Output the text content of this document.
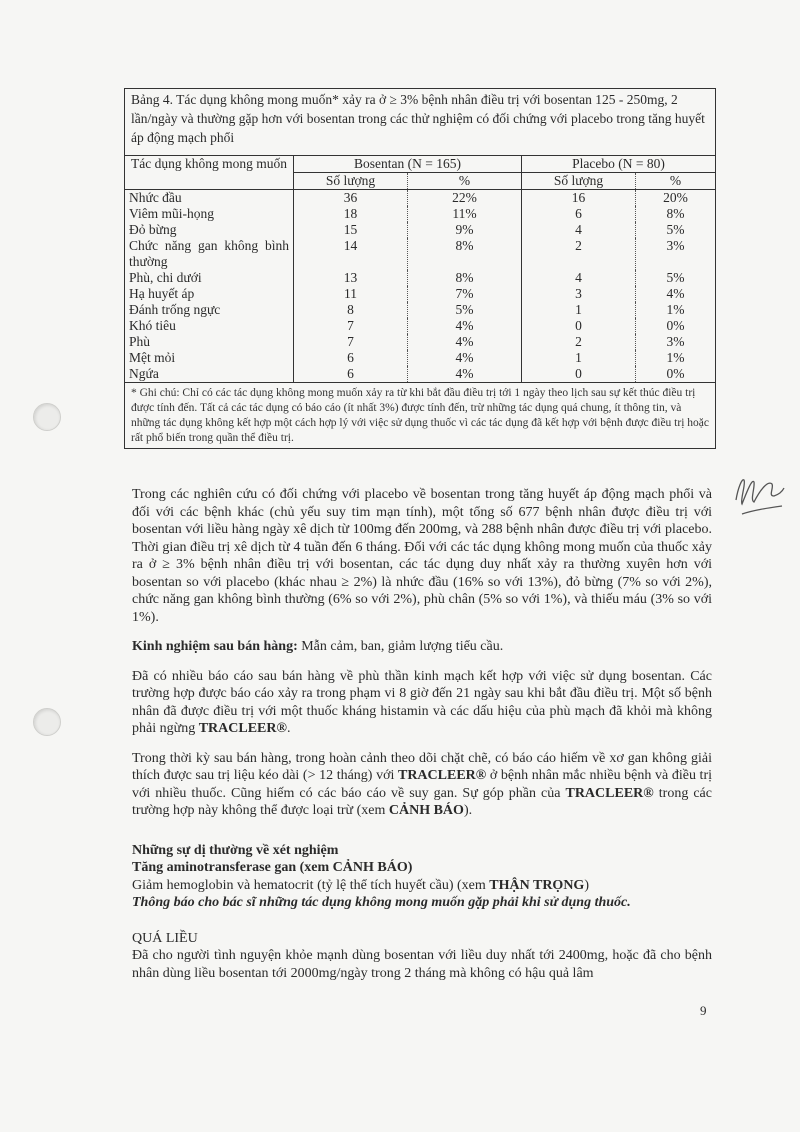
Bảng 4. Tác dụng không mong muốn* xảy ra ở ≥ 3% bệnh nhân điều trị với bosentan 125 - 250mg, 2 lần/ngày và thường gặp hơn với bosentan trong các thử nghiệm có đối chứng với placebo trong tăng huyết áp động mạch phổi
Tác dụng không mong muốn	Bosentan (N = 165)		Placebo (N = 80)	
	Số lượng	%	Số lượng	%
Nhức đầu	36	22%	16	20%
Viêm mũi-họng	18	11%	6	8%
Đỏ bừng	15	9%	4	5%
Chức năng gan không bình thường	14	8%	2	3%
Phù, chi dưới	13	8%	4	5%
Hạ huyết áp	11	7%	3	4%
Đánh trống ngực	8	5%	1	1%
Khó tiêu	7	4%	0	0%
Phù	7	4%	2	3%
Mệt mỏi	6	4%	1	1%
Ngứa	6	4%	0	0%
* Ghi chú: Chỉ có các tác dụng không mong muốn xảy ra từ khi bắt đầu điều trị tới 1 ngày theo lịch sau sự kết thúc điều trị được tính đến. Tất cả các tác dụng có báo cáo (ít nhất 3%) được tính đến, trừ những tác dụng quá chung, ít thông tin, và những tác dụng không kết hợp một cách hợp lý với việc sử dụng thuốc vì các tác dụng đã kết hợp với bệnh được điều trị hoặc rất phổ biến trong quần thể điều trị.

Trong các nghiên cứu có đối chứng với placebo về bosentan trong tăng huyết áp động mạch phổi và đối với các bệnh khác (chủ yếu suy tim mạn tính), một tổng số 677 bệnh nhân được điều trị với bosentan với liều hàng ngày xê dịch từ 100mg đến 200mg, và 288 bệnh nhân được điều trị với placebo. Thời gian điều trị xê dịch từ 4 tuần đến 6 tháng. Đối với các tác dụng không mong muốn của thuốc xảy ra ở ≥ 3% bệnh nhân điều trị với bosentan, các tác dụng duy nhất xảy ra thường xuyên hơn với bosentan so với placebo (khác nhau ≥ 2%) là nhức đầu (16% so với 13%), đỏ bừng (7% so với 2%), chức năng gan không bình thường (6% so với 2%), phù chân (5% so với 1%), và thiếu máu (3% so với 1%).

Kinh nghiệm sau bán hàng: Mẫn cảm, ban, giảm lượng tiểu cầu.

Đã có nhiều báo cáo sau bán hàng về phù thần kinh mạch kết hợp với việc sử dụng bosentan. Các trường hợp được báo cáo xảy ra trong phạm vi 8 giờ đến 21 ngày sau khi bắt đầu điều trị. Một số bệnh nhân đã được điều trị với một thuốc kháng histamin và các dấu hiệu của phù mạch đã khỏi mà không phải ngừng TRACLEER®.

Trong thời kỳ sau bán hàng, trong hoàn cảnh theo dõi chặt chẽ, có báo cáo hiếm về xơ gan không giải thích được sau trị liệu kéo dài (> 12 tháng) với TRACLEER® ở bệnh nhân mắc nhiều bệnh và điều trị với nhiều thuốc. Cũng hiếm có các báo cáo về suy gan. Sự góp phần của TRACLEER® trong các trường hợp này không thể được loại trừ (xem CẢNH BÁO).

Những sự dị thường về xét nghiệm
Tăng aminotransferase gan (xem CẢNH BÁO)
Giảm hemoglobin và hematocrit (tỷ lệ thể tích huyết cầu) (xem THẬN TRỌNG)
Thông báo cho bác sĩ những tác dụng không mong muốn gặp phải khi sử dụng thuốc.
QUÁ LIỀU
Đã cho người tình nguyện khỏe mạnh dùng bosentan với liều duy nhất tới 2400mg, hoặc đã cho bệnh nhân dùng liều bosentan tới 2000mg/ngày trong 2 tháng mà không có hậu quả lâm
9
